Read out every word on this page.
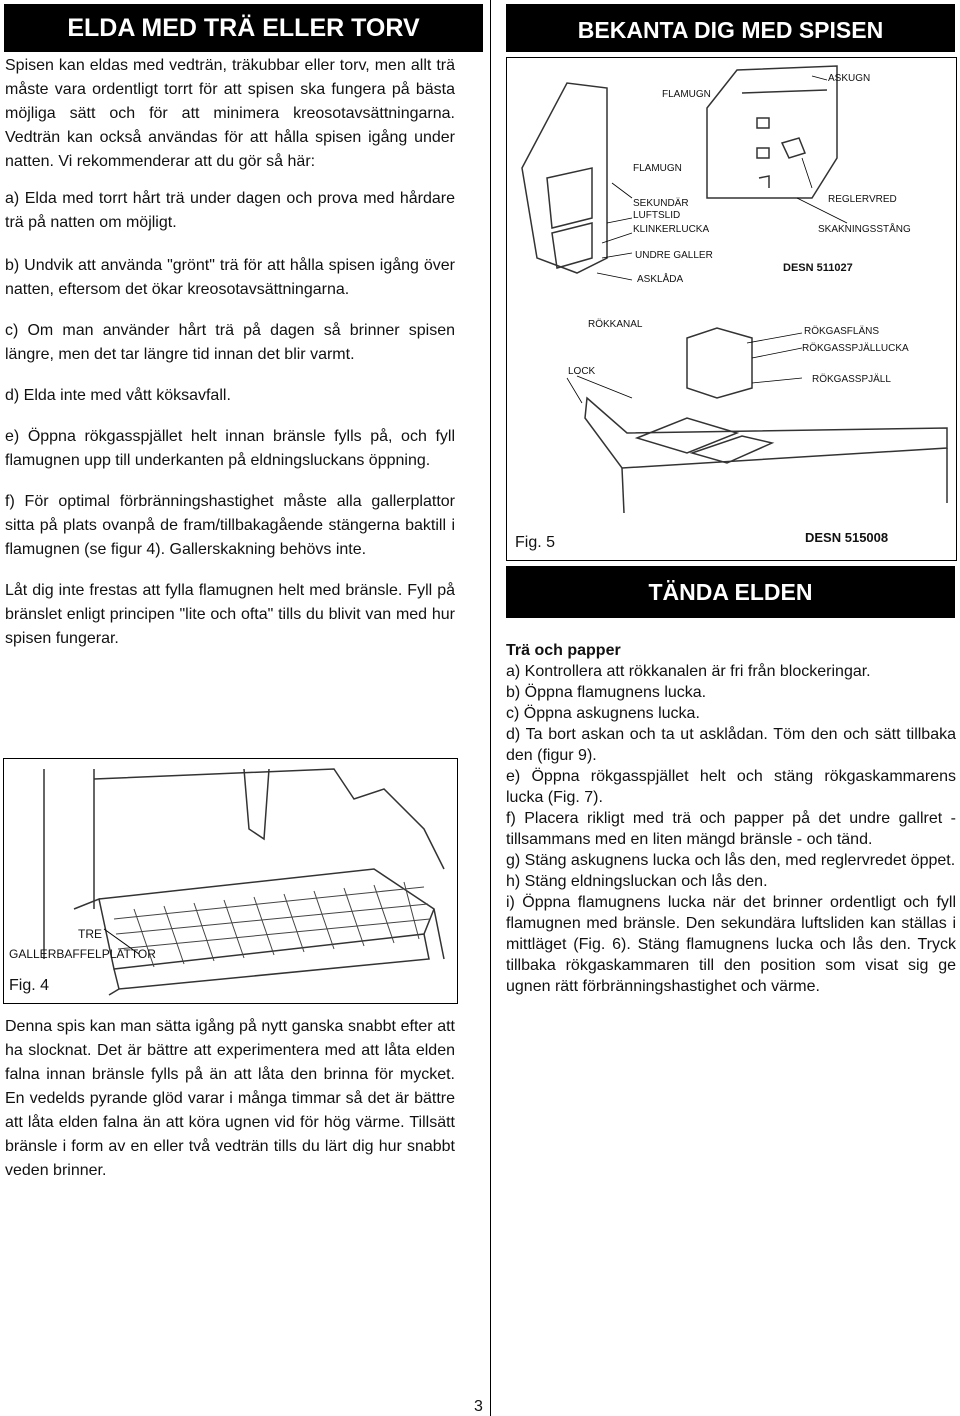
ELDA MED TRÄ ELLER TORV

Spisen kan eldas med vedträn, träkubbar eller torv, men allt trä måste vara ordentligt torrt för att spisen ska fungera på bästa möjliga sätt och för att minimera kreosotavsättningarna. Vedträn kan också användas för att hålla spisen igång under natten. Vi rekommenderar att du gör så här:

a) Elda med torrt hårt trä under dagen och prova med hårdare trä på natten om möjligt.

b) Undvik att använda "grönt" trä för att hålla spisen igång över natten, eftersom det ökar kreosotavsättningarna.

c) Om man använder hårt trä på dagen så brinner spisen längre, men det tar längre tid innan det blir varmt.

d) Elda inte med vått köksavfall.

e) Öppna rökgasspjället helt innan bränsle fylls på, och fyll flamugnen upp till underkanten på eldningsluckans öppning.

f) För optimal förbränningshastighet måste alla gallerplattor sitta på plats ovanpå de fram/tillbakagående stängerna baktill i flamugnen (se figur 4). Gallerskakning behövs inte.

Låt dig inte frestas att fylla flamugnen helt med bränsle. Fyll på bränslet enligt principen "lite och ofta" tills du blivit van med hur spisen fungerar.

TRE
GALLERBAFFELPLATTOR
Fig. 4

Denna spis kan man sätta igång på nytt ganska snabbt efter att ha slocknat. Det är bättre att experimentera med att låta elden falna innan bränsle fylls på än att låta den brinna för mycket. En vedelds pyrande glöd varar i många timmar så det är bättre att låta elden falna än att köra ugnen vid för hög värme. Tillsätt bränsle i form av en eller två vedträn tills du lärt dig hur snabbt veden brinner.

BEKANTA DIG MED SPISEN
FLAMUGN
ASKUGN
FLAMUGN
SEKUNDÄR
LUFTSLID
KLINKERLUCKA
REGLERVRED
SKAKNINGSSTÅNG
UNDRE GALLER
ASKLÅDA
DESN 511027
RÖKKANAL
RÖKGASFLÄNS
RÖKGASSPJÄLLUCKA
LOCK
RÖKGASSPJÄLL
DESN 515008
Fig. 5
TÄNDA ELDEN

Trä och papper

a) Kontrollera att rökkanalen är fri från blockeringar.

b) Öppna flamugnens lucka.

c) Öppna askugnens lucka.

d) Ta bort askan och ta ut asklådan. Töm den och sätt tillbaka den (figur 9).

e) Öppna rökgasspjället helt och stäng rökgaskammarens lucka (Fig. 7).

f) Placera rikligt med trä och papper på det undre gallret - tillsammans med en liten mängd bränsle - och tänd.

g) Stäng askugnens lucka och lås den, med reglervredet öppet.

h) Stäng eldningsluckan och lås den.

i) Öppna flamugnens lucka när det brinner ordentligt och fyll flamugnen med bränsle. Den sekundära luftsliden kan ställas i mittläget (Fig. 6). Stäng flamugnens lucka och lås den. Tryck tillbaka rökgaskammaren till den position som visat sig ge ugnen rätt förbränningshastighet och värme.

3
